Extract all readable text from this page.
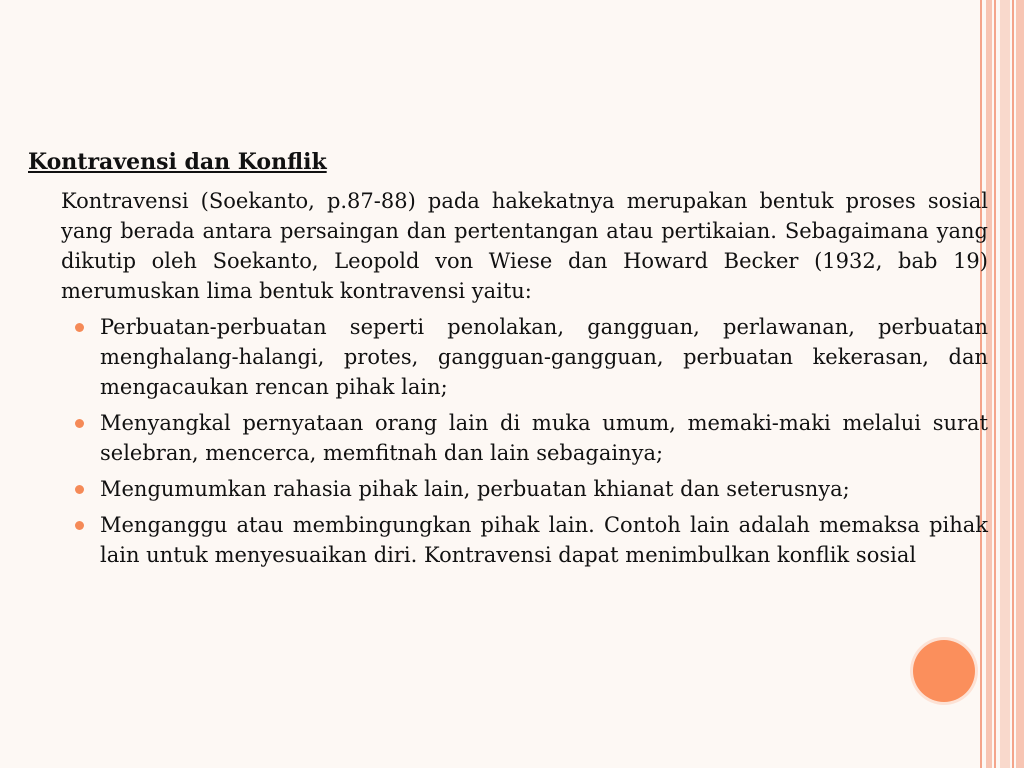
Kontravensi dan Konflik
Kontravensi (Soekanto, p.87-88) pada hakekatnya merupakan bentuk proses sosial yang berada antara persaingan dan pertentangan atau pertikaian. Sebagaimana yang dikutip oleh Soekanto, Leopold von Wiese dan Howard Becker (1932, bab 19) merumuskan lima bentuk kontravensi yaitu:
Perbuatan-perbuatan seperti penolakan, gangguan, perlawanan, perbuatan menghalang-halangi, protes, gangguan-gangguan, perbuatan kekerasan, dan mengacaukan rencan pihak lain;
Menyangkal pernyataan orang lain di muka umum, memaki-maki melalui surat selebran, mencerca, memfitnah dan lain sebagainya;
Mengumumkan rahasia pihak lain, perbuatan khianat dan seterusnya;
Menganggu atau membingungkan pihak lain. Contoh lain adalah memaksa pihak lain untuk menyesuaikan diri. Kontravensi dapat menimbulkan konflik sosial
